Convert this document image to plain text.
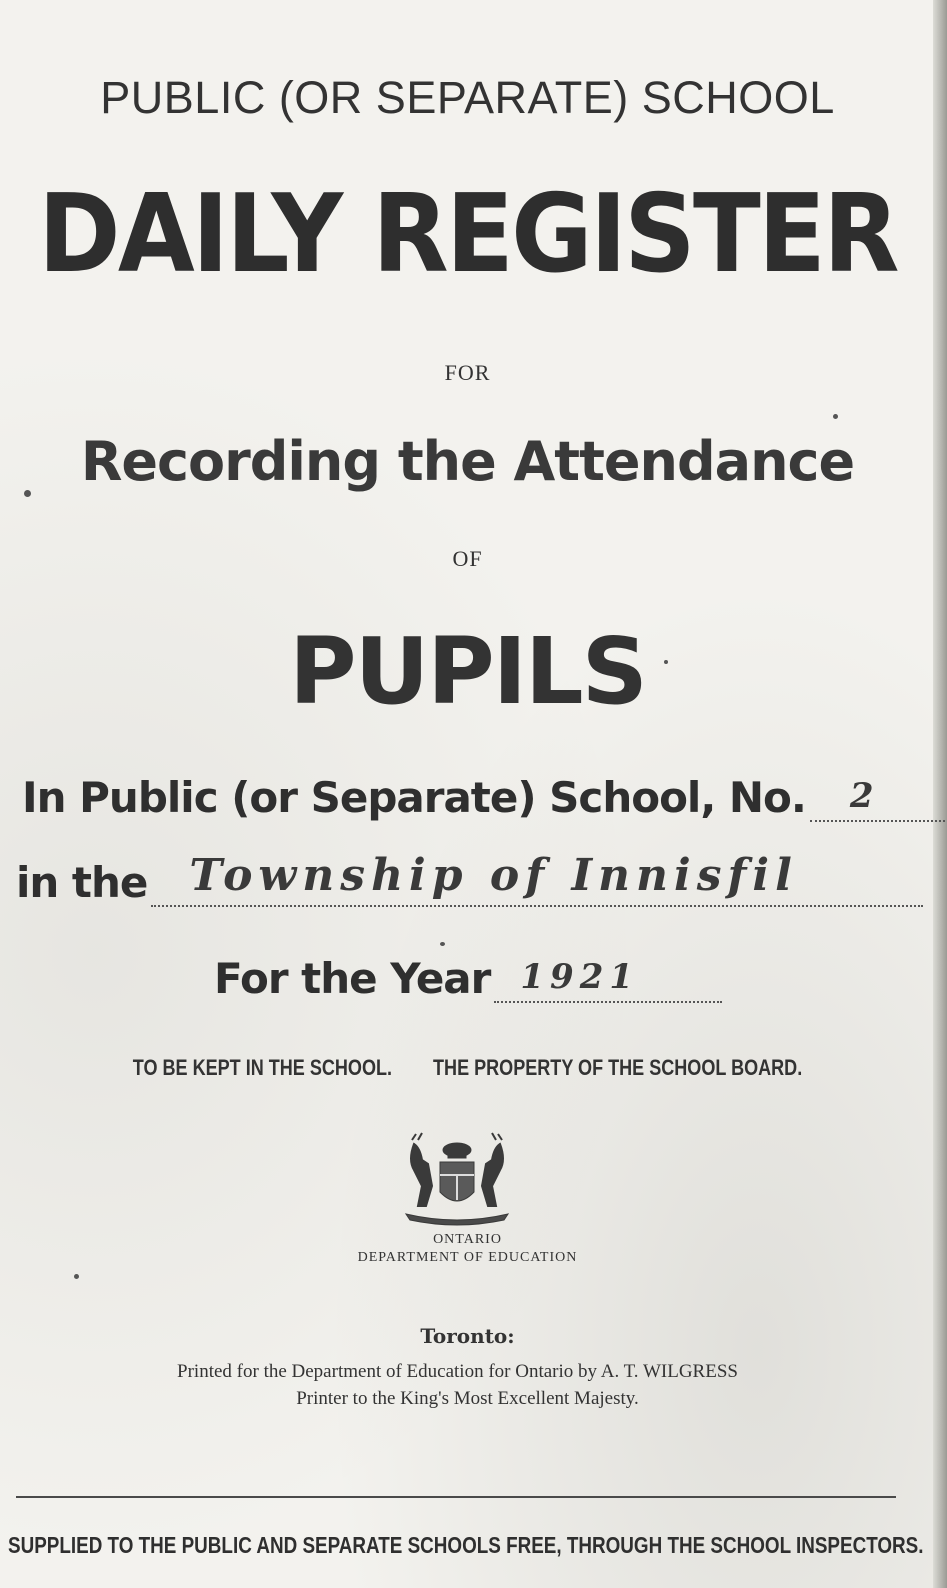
PUBLIC (OR SEPARATE) SCHOOL
DAILY REGISTER
FOR
Recording the Attendance
OF
PUPILS
In Public (or Separate) School, No. 2
in the Township of Innisfil
For the Year 1921
TO BE KEPT IN THE SCHOOL. THE PROPERTY OF THE SCHOOL BOARD.
ONTARIO
DEPARTMENT OF EDUCATION
Toronto:
Printed for the Department of Education for Ontario by A. T. WILGRESS
Printer to the King's Most Excellent Majesty.
SUPPLIED TO THE PUBLIC AND SEPARATE SCHOOLS FREE, THROUGH THE SCHOOL INSPECTORS.
